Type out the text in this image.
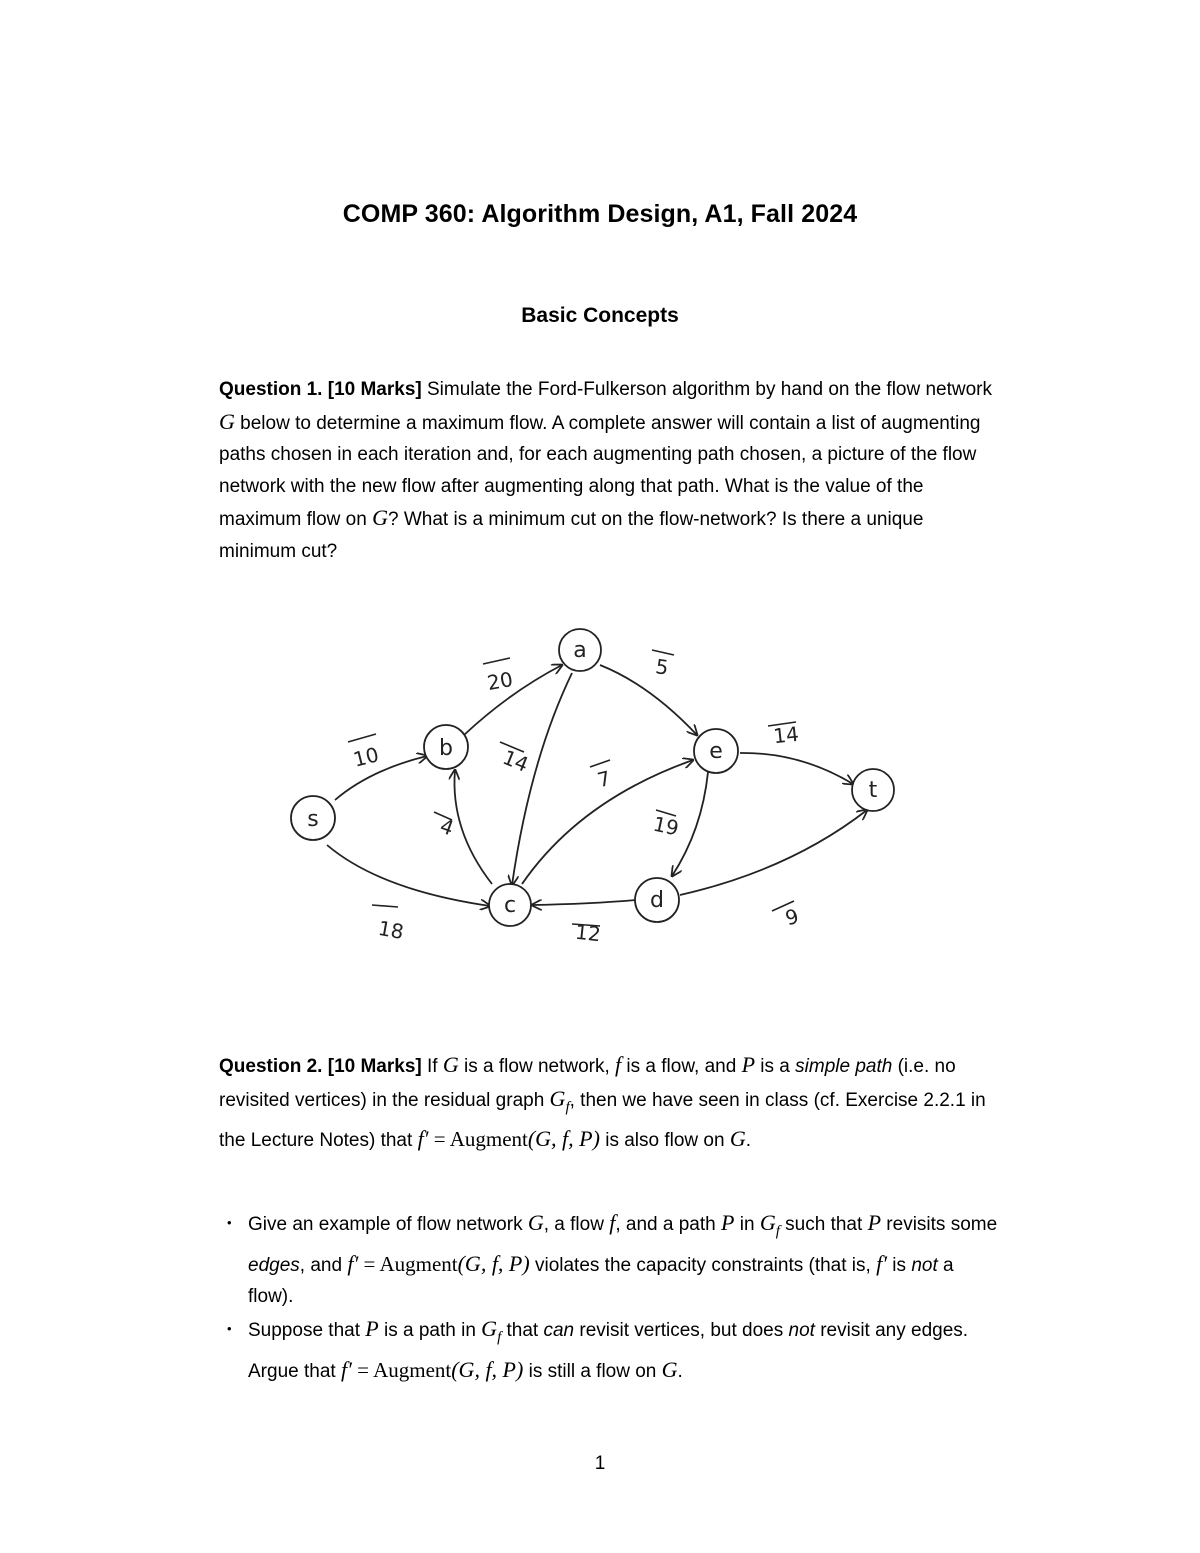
COMP 360: Algorithm Design, A1, Fall 2024
Basic Concepts
Question 1. [10 Marks] Simulate the Ford-Fulkerson algorithm by hand on the flow network G below to determine a maximum flow. A complete answer will contain a list of augmenting paths chosen in each iteration and, for each augmenting path chosen, a picture of the flow network with the new flow after augmenting along that path. What is the value of the maximum flow on G? What is a minimum cut on the flow-network? Is there a unique minimum cut?
s
b
a
c	d
e
t
10
18
20
14
5
4
7
19
12
14
9
Question 2. [10 Marks] If G is a flow network, f is a flow, and P is a simple path (i.e. no revisited vertices) in the residual graph $G_f$, then we have seen in class (cf. Exercise 2.2.1 in the Lecture Notes) that f′ = Augment(G, f, P) is also flow on G.
• Give an example of flow network G, a flow f, and a path P in $G_f$ such that P revisits some edges, and f′ = Augment(G, f, P) violates the capacity constraints (that is, f′ is not a flow).
• Suppose that P is a path in $G_f$ that can revisit vertices, but does not revisit any edges. Argue that f′ = Augment(G, f, P) is still a flow on G.
1
